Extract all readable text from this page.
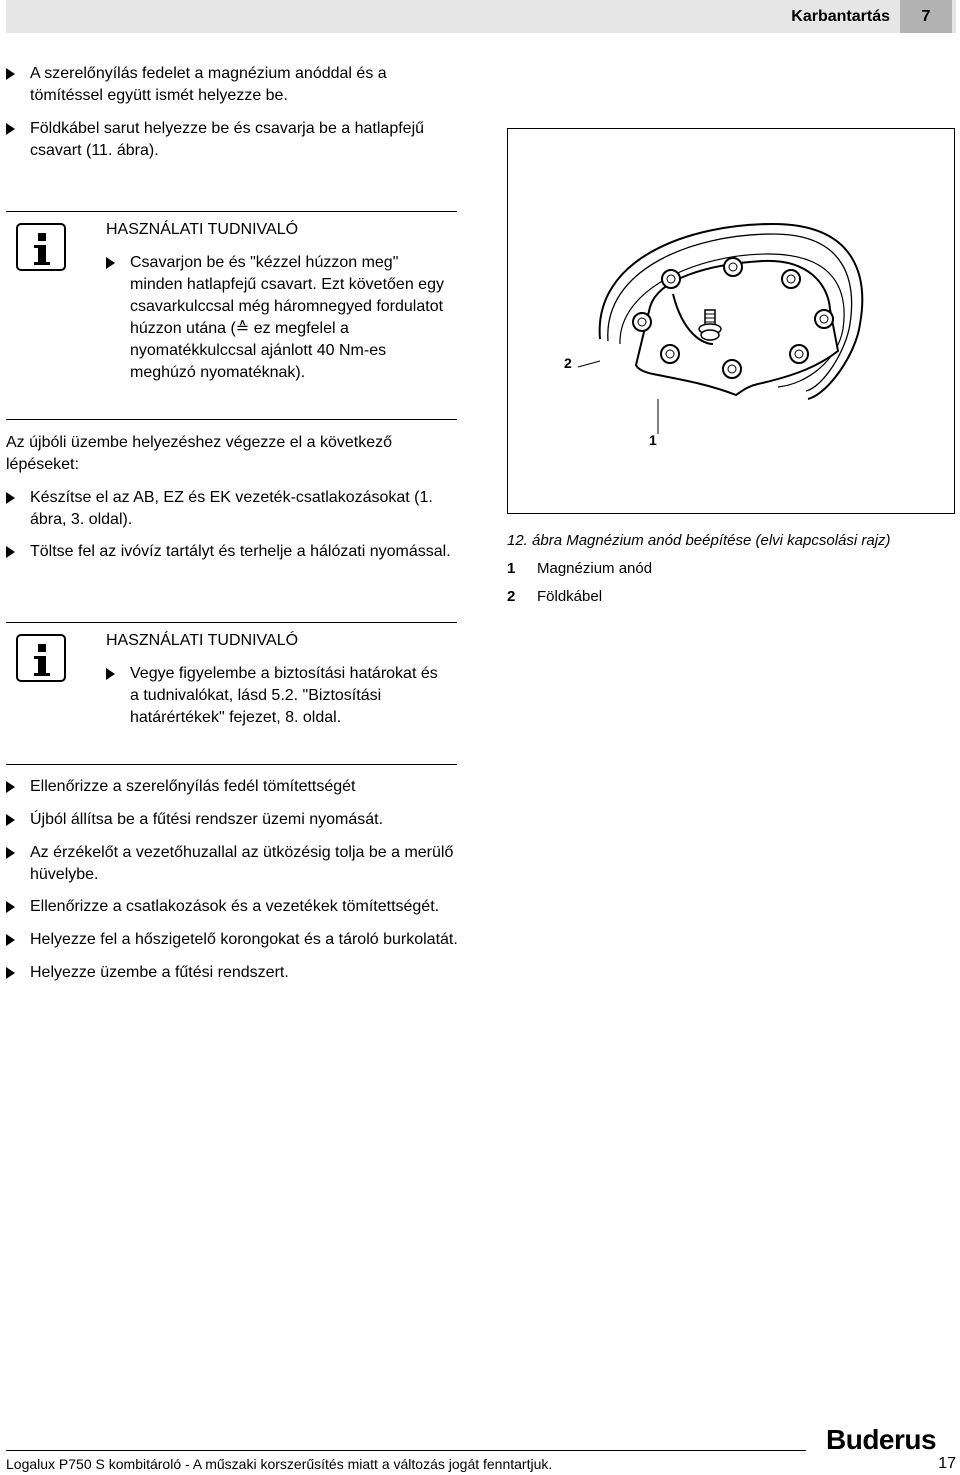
Karbantartás	7
A szerelőnyílás fedelet a magnézium anóddal és a tömítéssel együtt ismét helyezze be.
Földkábel sarut helyezze be és csavarja be a hatlapfejű csavart (11. ábra).
HASZNÁLATI TUDNIVALÓ
Csavarjon be és "kézzel húzzon meg" minden hatlapfejű csavart. Ezt követően egy csavarkulccsal még háromnegyed fordulatot húzzon utána (≙ ez megfelel a nyomatékkulccsal ajánlott 40 Nm-es meghúzó nyomatéknak).

Az újbóli üzembe helyezéshez végezze el a következő lépéseket:

Készítse el az AB, EZ és EK vezeték-csatlakozásokat (1. ábra, 3. oldal).
Töltse fel az ivóvíz tartályt és terhelje a hálózati nyomással.
HASZNÁLATI TUDNIVALÓ
Vegye figyelembe a biztosítási határokat és a tudnivalókat, lásd 5.2. "Biztosítási határértékek" fejezet, 8. oldal.
Ellenőrizze a szerelőnyílás fedél tömítettségét
Újból állítsa be a fűtési rendszer üzemi nyomását.
Az érzékelőt a vezetőhuzallal az ütközésig tolja be a merülő hüvelybe.
Ellenőrizze a csatlakozások és a vezetékek tömítettségét.
Helyezze fel a hőszigetelő korongokat és a tároló burkolatát.
Helyezze üzembe a fűtési rendszert.
2
1
12. ábra Magnézium anód beépítése (elvi kapcsolási rajz)
1 Magnézium anód
2 Földkábel
Buderus
Logalux P750 S kombitároló - A műszaki korszerűsítés miatt a változás jogát fenntartjuk.	17
